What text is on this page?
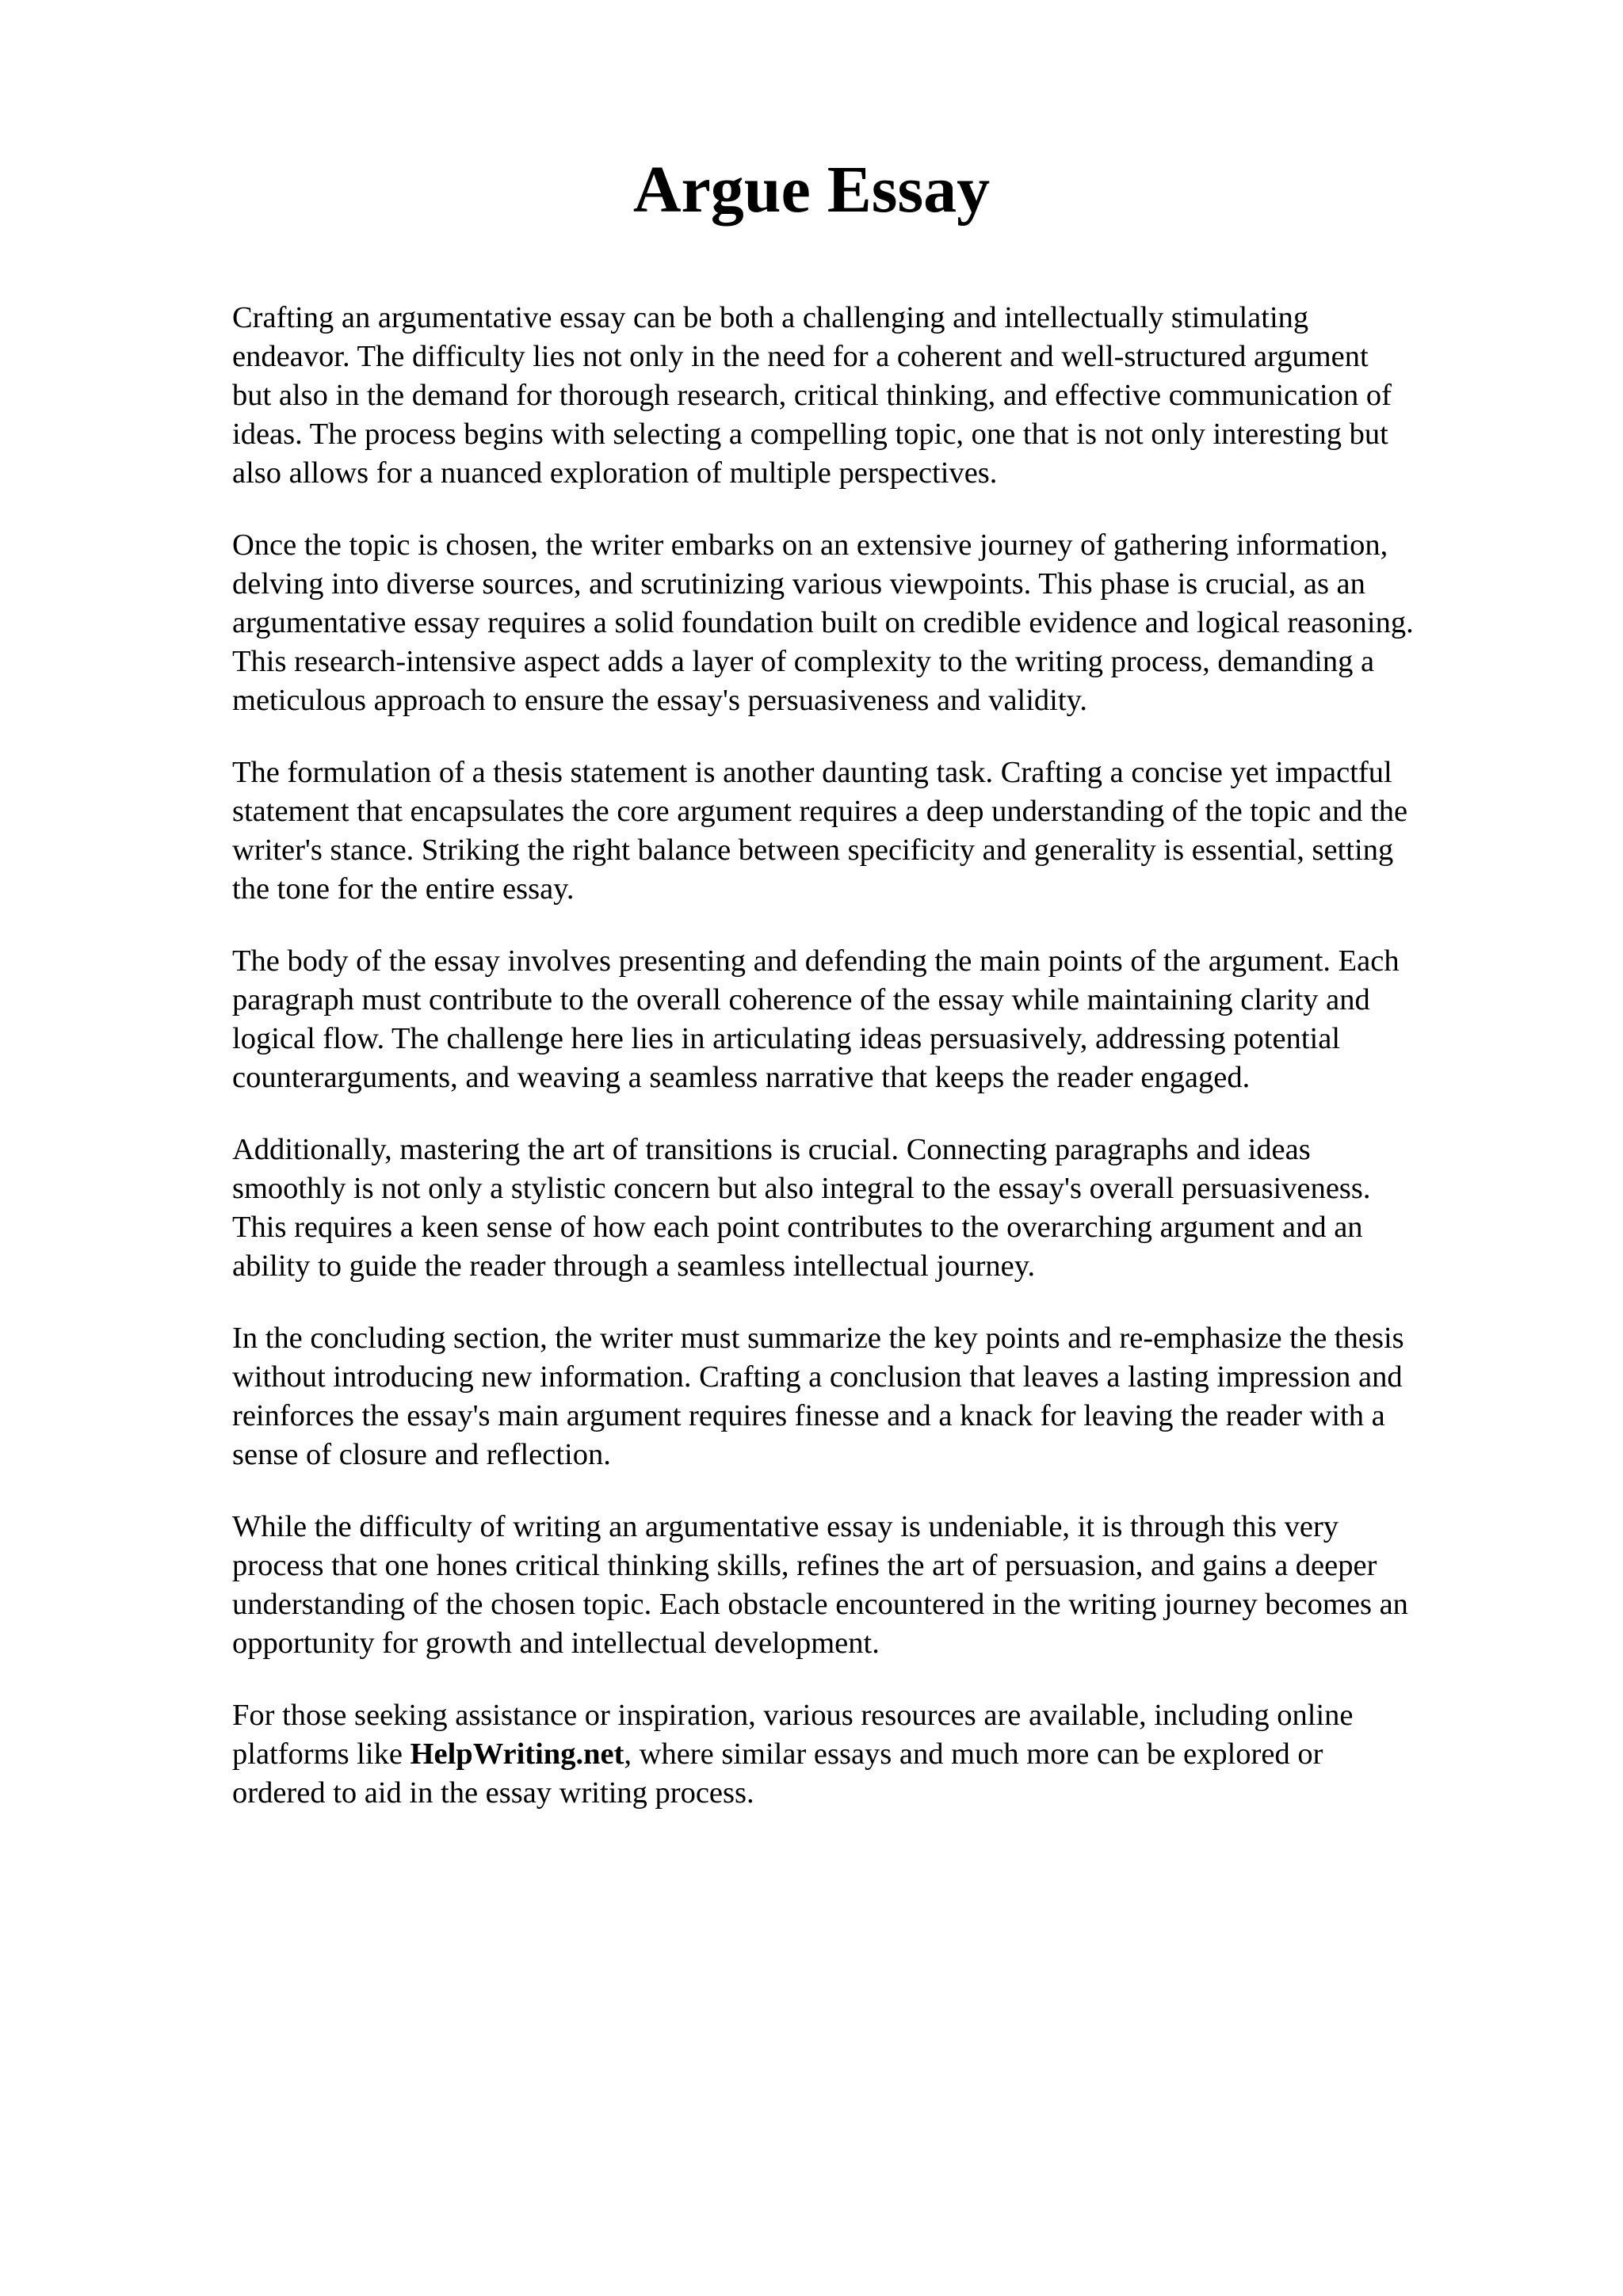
Argue Essay

Crafting an argumentative essay can be both a challenging and intellectually stimulating
endeavor. The difficulty lies not only in the need for a coherent and well-structured argument
but also in the demand for thorough research, critical thinking, and effective communication of
ideas. The process begins with selecting a compelling topic, one that is not only interesting but
also allows for a nuanced exploration of multiple perspectives.

Once the topic is chosen, the writer embarks on an extensive journey of gathering information,
delving into diverse sources, and scrutinizing various viewpoints. This phase is crucial, as an
argumentative essay requires a solid foundation built on credible evidence and logical reasoning.
This research-intensive aspect adds a layer of complexity to the writing process, demanding a
meticulous approach to ensure the essay's persuasiveness and validity.

The formulation of a thesis statement is another daunting task. Crafting a concise yet impactful
statement that encapsulates the core argument requires a deep understanding of the topic and the
writer's stance. Striking the right balance between specificity and generality is essential, setting
the tone for the entire essay.

The body of the essay involves presenting and defending the main points of the argument. Each
paragraph must contribute to the overall coherence of the essay while maintaining clarity and
logical flow. The challenge here lies in articulating ideas persuasively, addressing potential
counterarguments, and weaving a seamless narrative that keeps the reader engaged.

Additionally, mastering the art of transitions is crucial. Connecting paragraphs and ideas
smoothly is not only a stylistic concern but also integral to the essay's overall persuasiveness.
This requires a keen sense of how each point contributes to the overarching argument and an
ability to guide the reader through a seamless intellectual journey.

In the concluding section, the writer must summarize the key points and re-emphasize the thesis
without introducing new information. Crafting a conclusion that leaves a lasting impression and
reinforces the essay's main argument requires finesse and a knack for leaving the reader with a
sense of closure and reflection.

While the difficulty of writing an argumentative essay is undeniable, it is through this very
process that one hones critical thinking skills, refines the art of persuasion, and gains a deeper
understanding of the chosen topic. Each obstacle encountered in the writing journey becomes an
opportunity for growth and intellectual development.

For those seeking assistance or inspiration, various resources are available, including online
platforms like HelpWriting.net, where similar essays and much more can be explored or
ordered to aid in the essay writing process.
